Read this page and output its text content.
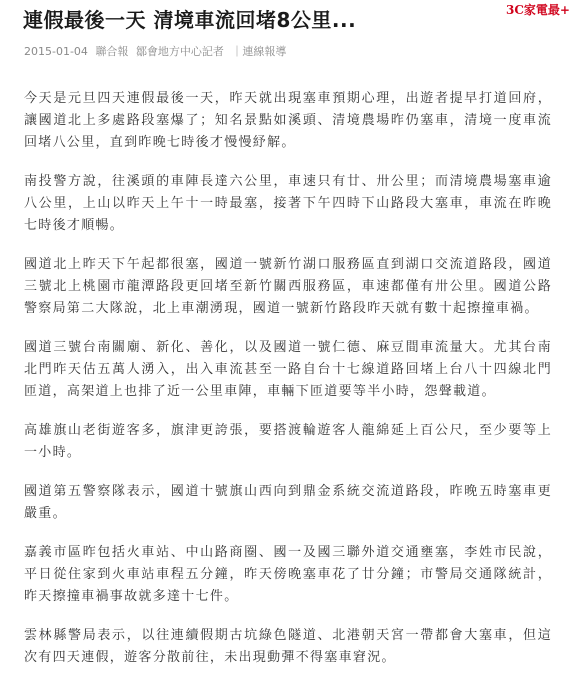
連假最後一天 清境車流回堵8公里...	3C家電最‪+
2015-01-04 聯合報 鄒會地方中心記者 ｜連線報導

今天是元旦四天連假最後一天，昨天就出現塞車預期心理，出遊者提早打道回府，讓國道北上多處路段塞爆了；知名景點如溪頭、清境農場昨仍塞車，清境一度車流回堵八公里，直到昨晚七時後才慢慢紓解。

南投警方說，往溪頭的車陣長達六公里，車速只有廿、卅公里；而清境農場塞車逾八公里，上山以昨天上午十一時最塞，接著下午四時下山路段大塞車，車流在昨晚七時後才順暢。

國道北上昨天下午起都很塞，國道一號新竹湖口服務區直到湖口交流道路段，國道三號北上桃園市龍潭路段更回堵至新竹關西服務區，車速都僅有卅公里。國道公路警察局第二大隊說，北上車潮湧現，國道一號新竹路段昨天就有數十起擦撞車禍。

國道三號台南關廟、新化、善化，以及國道一號仁德、麻豆間車流量大。尤其台南北門昨天估五萬人湧入，出入車流甚至一路自台十七線道路回堵上台八十四線北門匝道，高架道上也排了近一公里車陣，車輛下匝道要等半小時，怨聲載道。

高雄旗山老街遊客多，旗津更誇張，要搭渡輪遊客人龍綿延上百公尺，至少要等上一小時。

國道第五警察隊表示，國道十號旗山西向到鼎金系統交流道路段，昨晚五時塞車更嚴重。

嘉義市區昨包括火車站、中山路商圈、國一及國三聯外道交通壅塞，李姓市民說，平日從住家到火車站車程五分鐘，昨天傍晚塞車花了廿分鐘；市警局交通隊統計，昨天擦撞車禍事故就多達十七件。

雲林縣警局表示，以往連續假期古坑綠色隧道、北港朝天宮一帶都會大塞車，但這次有四天連假，遊客分散前往，未出現動彈不得塞車窘況。
